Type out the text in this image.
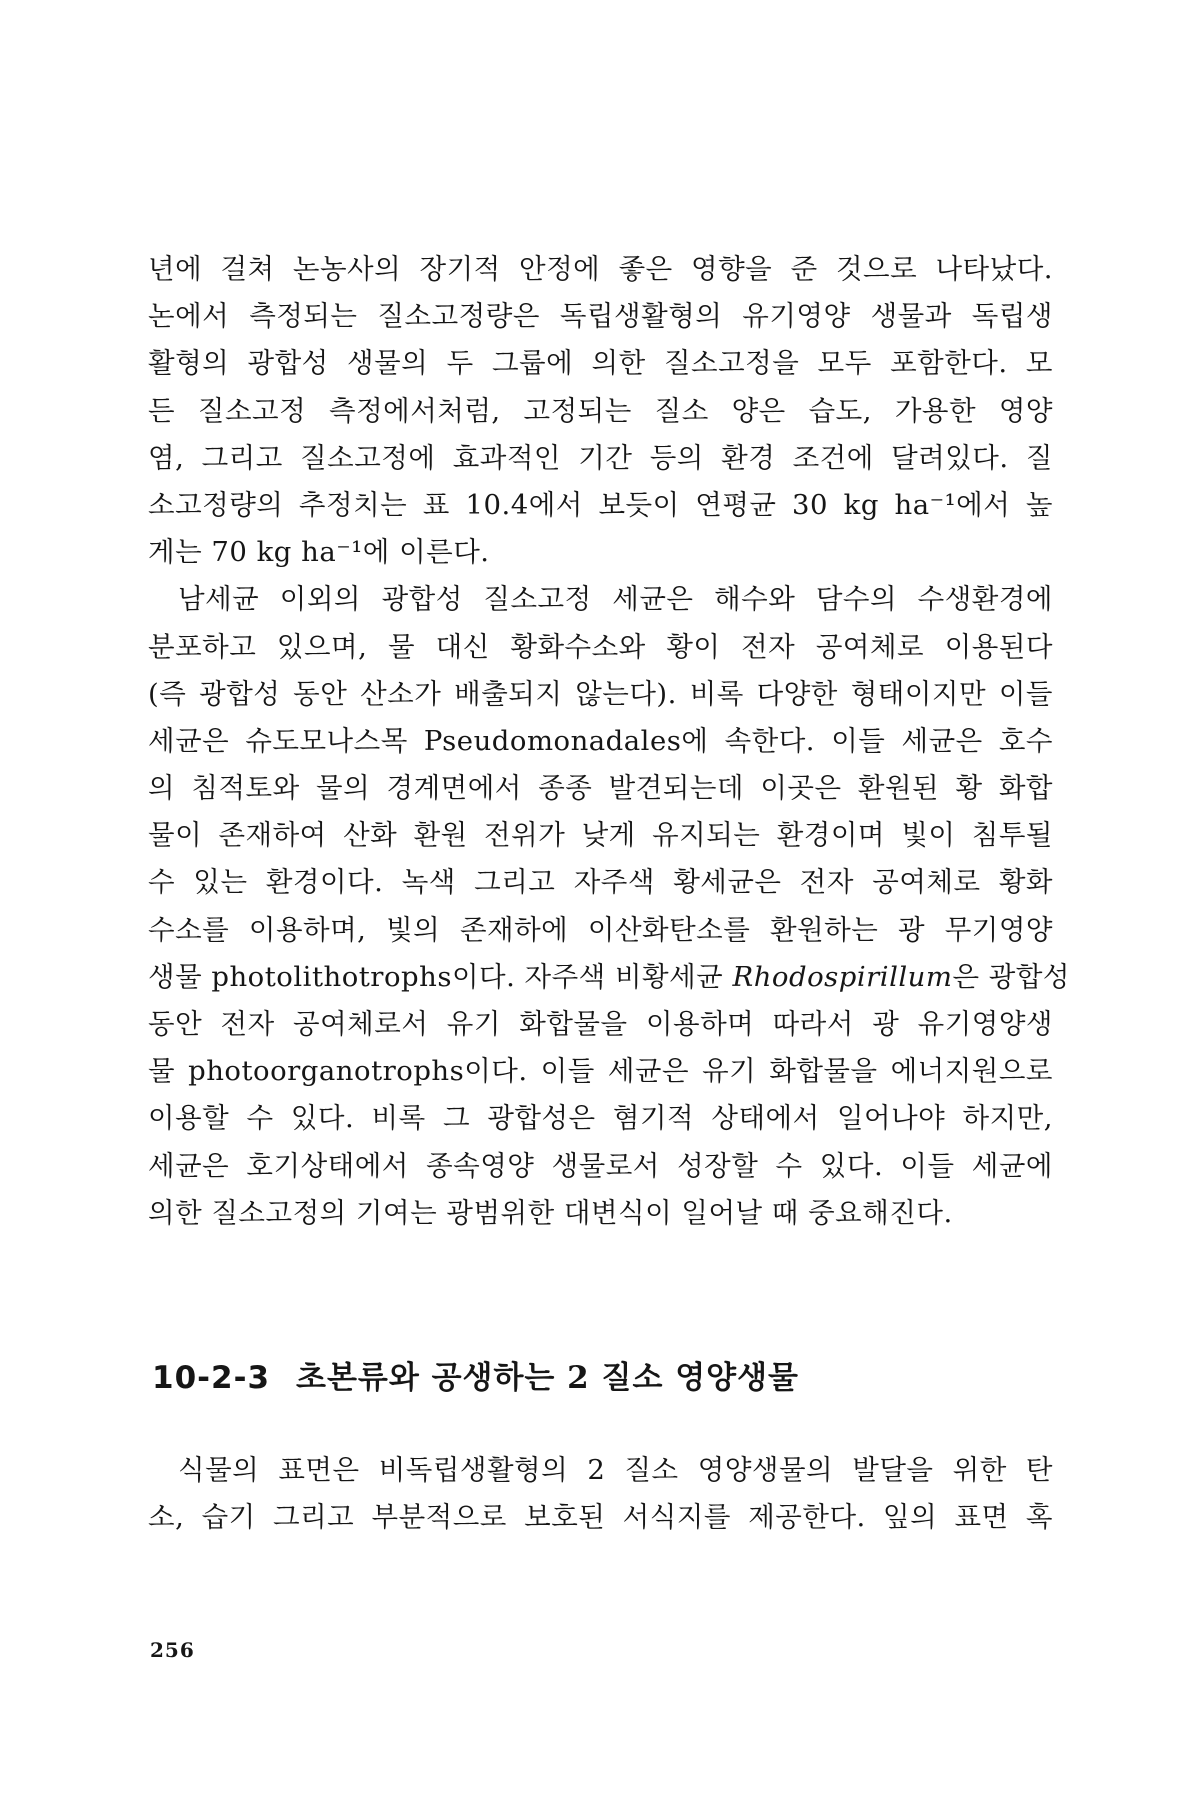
년에 걸쳐 논농사의 장기적 안정에 좋은 영향을 준 것으로 나타났다.
논에서 측정되는 질소고정량은 독립생활형의 유기영양 생물과 독립생
활형의 광합성 생물의 두 그룹에 의한 질소고정을 모두 포함한다. 모
든 질소고정 측정에서처럼, 고정되는 질소 양은 습도, 가용한 영양
염, 그리고 질소고정에 효과적인 기간 등의 환경 조건에 달려있다. 질
소고정량의 추정치는 표 10.4에서 보듯이 연평균 30 kg ha⁻¹에서 높
게는 70 kg ha⁻¹에 이른다.
남세균 이외의 광합성 질소고정 세균은 해수와 담수의 수생환경에
분포하고 있으며, 물 대신 황화수소와 황이 전자 공여체로 이용된다
(즉 광합성 동안 산소가 배출되지 않는다). 비록 다양한 형태이지만 이들
세균은 슈도모나스목 Pseudomonadales에 속한다. 이들 세균은 호수
의 침적토와 물의 경계면에서 종종 발견되는데 이곳은 환원된 황 화합
물이 존재하여 산화 환원 전위가 낮게 유지되는 환경이며 빛이 침투될
수 있는 환경이다. 녹색 그리고 자주색 황세균은 전자 공여체로 황화
수소를 이용하며, 빛의 존재하에 이산화탄소를 환원하는 광 무기영양
생물 photolithotrophs이다. 자주색 비황세균 Rhodospirillum은 광합성
동안 전자 공여체로서 유기 화합물을 이용하며 따라서 광 유기영양생
물 photoorganotrophs이다. 이들 세균은 유기 화합물을 에너지원으로
이용할 수 있다. 비록 그 광합성은 혐기적 상태에서 일어나야 하지만,
세균은 호기상태에서 종속영양 생물로서 성장할 수 있다. 이들 세균에
의한 질소고정의 기여는 광범위한 대변식이 일어날 때 중요해진다.
10-2-3 초본류와 공생하는 2 질소 영양생물
식물의 표면은 비독립생활형의 2 질소 영양생물의 발달을 위한 탄
소, 습기 그리고 부분적으로 보호된 서식지를 제공한다. 잎의 표면 혹
256
